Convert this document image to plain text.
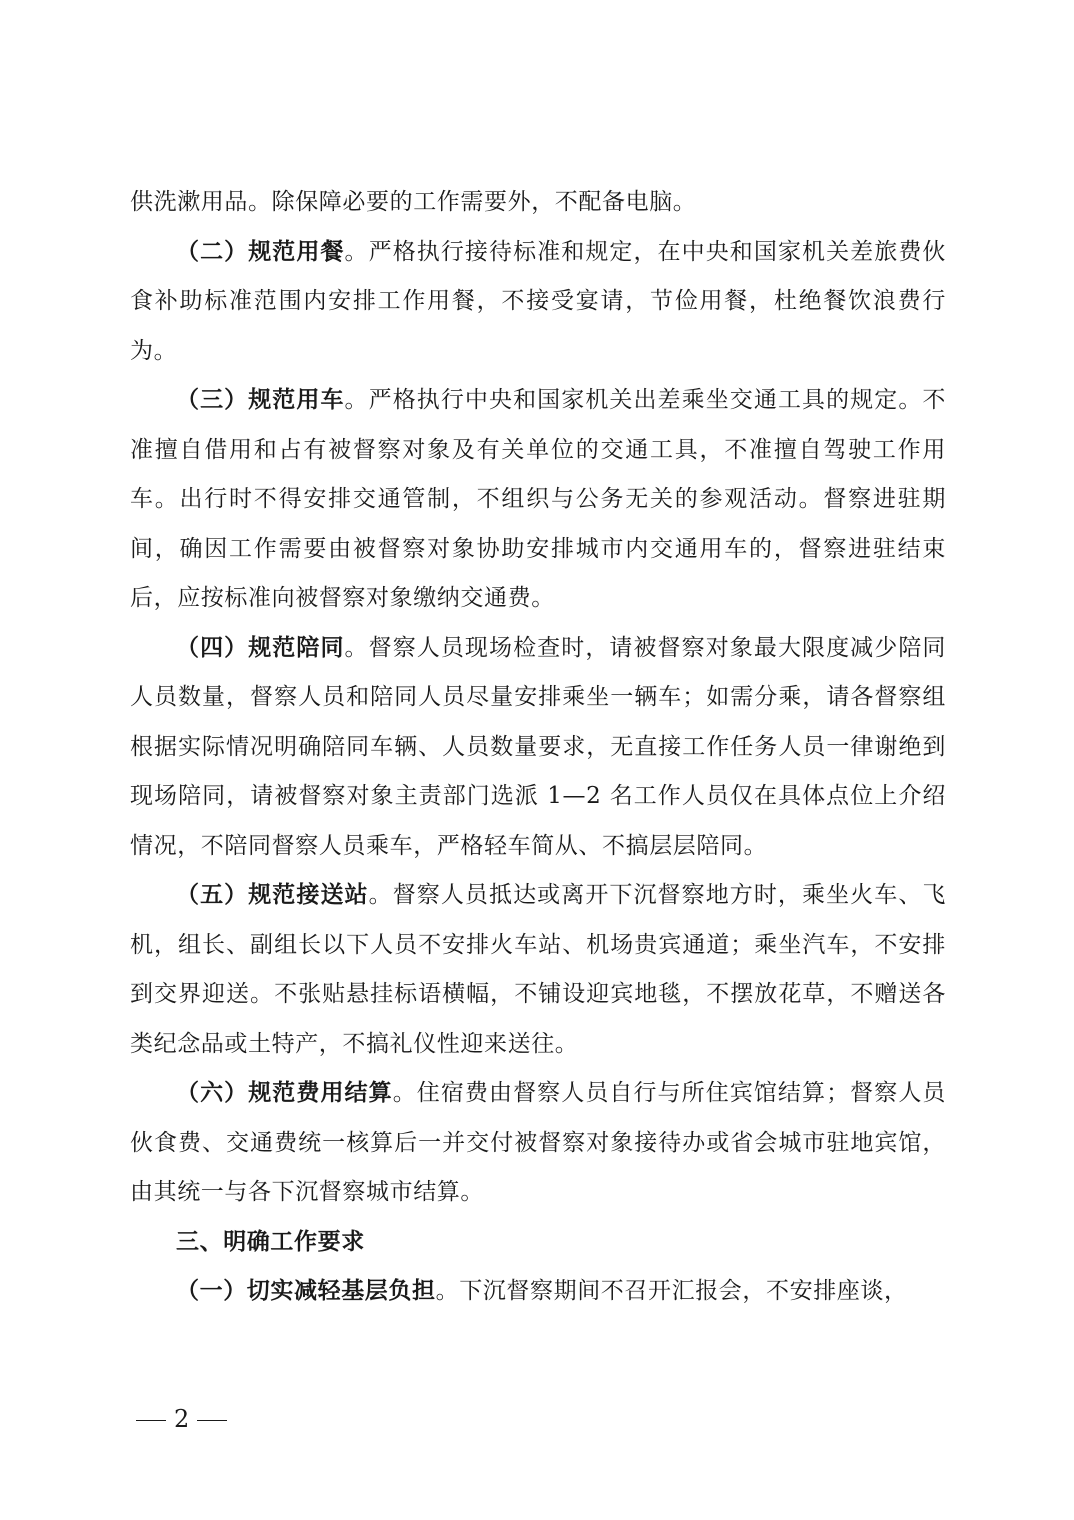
供洗漱用品。除保障必要的工作需要外，不配备电脑。

（二）规范用餐。严格执行接待标准和规定，在中央和国家机关差旅费伙食补助标准范围内安排工作用餐，不接受宴请，节俭用餐，杜绝餐饮浪费行为。

（三）规范用车。严格执行中央和国家机关出差乘坐交通工具的规定。不准擅自借用和占有被督察对象及有关单位的交通工具，不准擅自驾驶工作用车。出行时不得安排交通管制，不组织与公务无关的参观活动。督察进驻期间，确因工作需要由被督察对象协助安排城市内交通用车的，督察进驻结束后，应按标准向被督察对象缴纳交通费。

（四）规范陪同。督察人员现场检查时，请被督察对象最大限度减少陪同人员数量，督察人员和陪同人员尽量安排乘坐一辆车；如需分乘，请各督察组根据实际情况明确陪同车辆、人员数量要求，无直接工作任务人员一律谢绝到现场陪同，请被督察对象主责部门选派 1—2 名工作人员仅在具体点位上介绍情况，不陪同督察人员乘车，严格轻车简从、不搞层层陪同。

（五）规范接送站。督察人员抵达或离开下沉督察地方时，乘坐火车、飞机，组长、副组长以下人员不安排火车站、机场贵宾通道；乘坐汽车，不安排到交界迎送。不张贴悬挂标语横幅，不铺设迎宾地毯，不摆放花草，不赠送各类纪念品或土特产，不搞礼仪性迎来送往。

（六）规范费用结算。住宿费由督察人员自行与所住宾馆结算；督察人员伙食费、交通费统一核算后一并交付被督察对象接待办或省会城市驻地宾馆，由其统一与各下沉督察城市结算。

三、明确工作要求

（一）切实减轻基层负担。下沉督察期间不召开汇报会，不安排座谈，

2
